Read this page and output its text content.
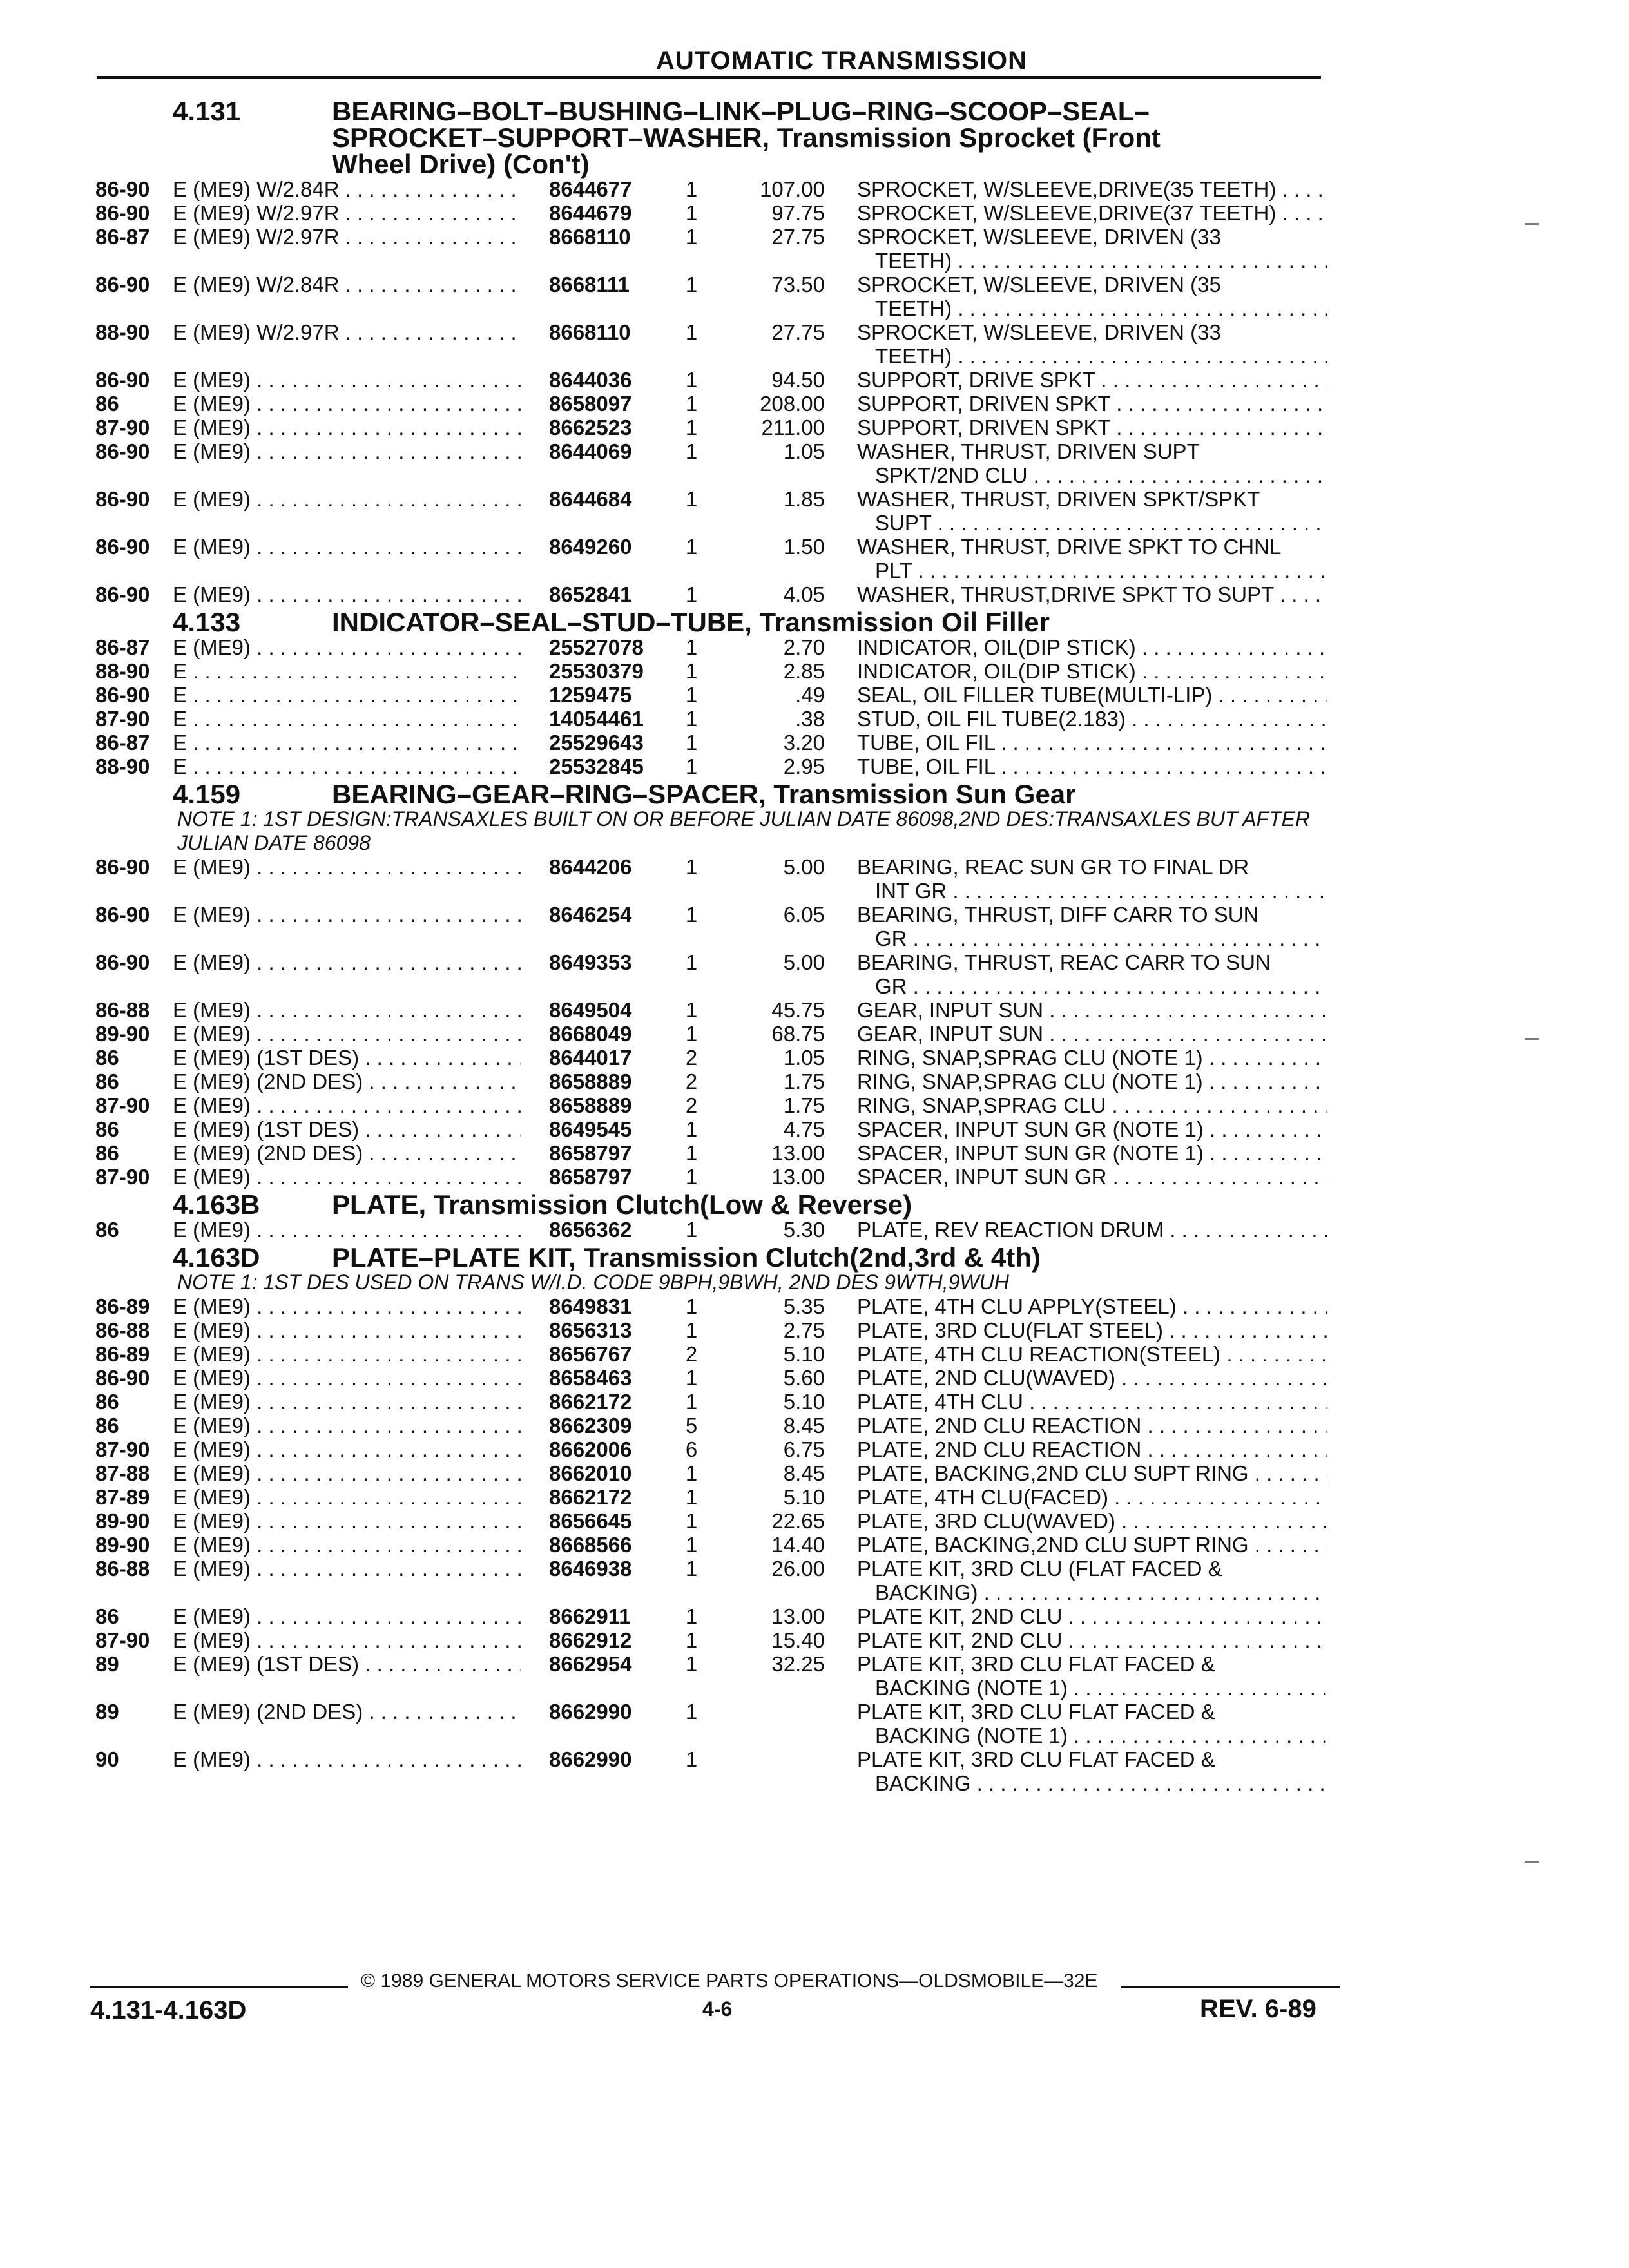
AUTOMATIC TRANSMISSION
4.131	BEARING–BOLT–BUSHING–LINK–PLUG–RING–SCOOP–SEAL–SPROCKET–SUPPORT–WASHER, Transmission Sprocket (Front
Wheel Drive) (Con't)
86-90 E (ME9) W/2.84R . . .	8644677	1	107.00 SPROCKET, W/SLEEVE,DRIVE(35 TEETH) . . .
86-90 E (ME9) W/2.97R . . .	8644679	1	97.75 SPROCKET, W/SLEEVE,DRIVE(37 TEETH) . . .
86-87 E (ME9) W/2.97R . . .	8668110	1	27.75 SPROCKET, W/SLEEVE, DRIVEN (33
TEETH) . . .
86-90 E (ME9) W/2.84R . . .	8668111	1	73.50 SPROCKET, W/SLEEVE, DRIVEN (35
TEETH) . . .
88-90 E (ME9) W/2.97R . . .	8668110	1	27.75 SPROCKET, W/SLEEVE, DRIVEN (33
TEETH) . . .
86-90 E (ME9) . . .	8644036	1	94.50 SUPPORT, DRIVE SPKT . . .
86	E (ME9) . . .	8658097	1	208.00 SUPPORT, DRIVEN SPKT . . .
87-90 E (ME9) . . .	8662523	1	211.00 SUPPORT, DRIVEN SPKT . . .
86-90 E (ME9) . . .	8644069	1	1.05 WASHER, THRUST, DRIVEN SUPT
SPKT/2ND CLU . . .
86-90 E (ME9) . . .	8644684	1	1.85 WASHER, THRUST, DRIVEN SPKT/SPKT
SUPT . . .
86-90 E (ME9) . . .	8649260	1	1.50 WASHER, THRUST, DRIVE SPKT TO CHNL
PLT . . .
86-90 E (ME9) . . .	8652841	1	4.05 WASHER, THRUST,DRIVE SPKT TO SUPT . . .
4.133	INDICATOR–SEAL–STUD–TUBE, Transmission Oil Filler
86-87 E (ME9) . . .	25527078 1	2.70 INDICATOR, OIL(DIP STICK) . . .
88-90 E . . .	25530379 1	2.85 INDICATOR, OIL(DIP STICK) . . .
86-90 E . . .	1259475	1	.49 SEAL, OIL FILLER TUBE(MULTI-LIP) . . .
87-90 E . . .	14054461 1	.38 STUD, OIL FIL TUBE(2.183) . . .
86-87 E . . .	25529643 1	3.20 TUBE, OIL FIL . . .
88-90 E . . .	25532845 1	2.95 TUBE, OIL FIL . . .
4.159	BEARING–GEAR–RING–SPACER, Transmission Sun Gear
NOTE 1: 1ST DESIGN:TRANSAXLES BUILT ON OR BEFORE JULIAN DATE 86098,2ND DES:TRANSAXLES BUT AFTER JULIAN DATE 86098
86-90 E (ME9) . . .	8644206	1	5.00 BEARING, REAC SUN GR TO FINAL DR
INT GR . . .
86-90 E (ME9) . . .	8646254	1	6.05 BEARING, THRUST, DIFF CARR TO SUN
GR . . .
86-90 E (ME9) . . .	8649353	1	5.00 BEARING, THRUST, REAC CARR TO SUN
GR . . .
86-88 E (ME9) . . .	8649504	1	45.75 GEAR, INPUT SUN . . .
89-90 E (ME9) . . .	8668049	1	68.75 GEAR, INPUT SUN . . .
86	E (ME9) (1ST DES) . . .	8644017	2	1.05 RING, SNAP,SPRAG CLU (NOTE 1) . . .
86	E (ME9) (2ND DES) . . .	8658889	2	1.75 RING, SNAP,SPRAG CLU (NOTE 1) . . .
87-90 E (ME9) . . .	8658889	2	1.75 RING, SNAP,SPRAG CLU . . .
86	E (ME9) (1ST DES) . . .	8649545	1	4.75 SPACER, INPUT SUN GR (NOTE 1) . . .
86	E (ME9) (2ND DES) . . .	8658797	1	13.00 SPACER, INPUT SUN GR (NOTE 1) . . .
87-90 E (ME9) . . .	8658797	1	13.00 SPACER, INPUT SUN GR . . .
4.163B	PLATE, Transmission Clutch(Low & Reverse)
86	E (ME9) . . .	8656362	1	5.30 PLATE, REV REACTION DRUM . . .
4.163D	PLATE–PLATE KIT, Transmission Clutch(2nd,3rd & 4th)
NOTE 1: 1ST DES USED ON TRANS W/I.D. CODE 9BPH,9BWH, 2ND DES 9WTH,9WUH
86-89 E (ME9) . . .	8649831	1	5.35 PLATE, 4TH CLU APPLY(STEEL) . . .
86-88 E (ME9) . . .	8656313	1	2.75 PLATE, 3RD CLU(FLAT STEEL) . . .
86-89 E (ME9) . . .	8656767	2	5.10 PLATE, 4TH CLU REACTION(STEEL) . . .
86-90 E (ME9) . . .	8658463	1	5.60 PLATE, 2ND CLU(WAVED) . . .
86	E (ME9) . . .	8662172	1	5.10 PLATE, 4TH CLU . . .
86	E (ME9) . . .	8662309	5	8.45 PLATE, 2ND CLU REACTION . . .
87-90 E (ME9) . . .	8662006	6	6.75 PLATE, 2ND CLU REACTION . . .
87-88 E (ME9) . . .	8662010	1	8.45 PLATE, BACKING,2ND CLU SUPT RING . . .
87-89 E (ME9) . . .	8662172	1	5.10 PLATE, 4TH CLU(FACED) . . .
89-90 E (ME9) . . .	8656645	1	22.65 PLATE, 3RD CLU(WAVED) . . .
89-90 E (ME9) . . .	8668566	1	14.40 PLATE, BACKING,2ND CLU SUPT RING . . .
86-88 E (ME9) . . .	8646938	1	26.00 PLATE KIT, 3RD CLU (FLAT FACED &
BACKING) . . .
86	E (ME9) . . .	8662911	1	13.00 PLATE KIT, 2ND CLU . . .
87-90 E (ME9) . . .	8662912	1	15.40 PLATE KIT, 2ND CLU . . .
89	E (ME9) (1ST DES) . . .	8662954	1	32.25 PLATE KIT, 3RD CLU FLAT FACED &
BACKING (NOTE 1) . . .
89	E (ME9) (2ND DES) . . .	8662990	1	PLATE KIT, 3RD CLU FLAT FACED &
BACKING (NOTE 1) . . .
90	E (ME9) . . .	8662990	1	PLATE KIT, 3RD CLU FLAT FACED &
BACKING . . .
© 1989 GENERAL MOTORS SERVICE PARTS OPERATIONS—OLDSMOBILE—32E
4.131-4.163D	4-6	REV. 6-89
